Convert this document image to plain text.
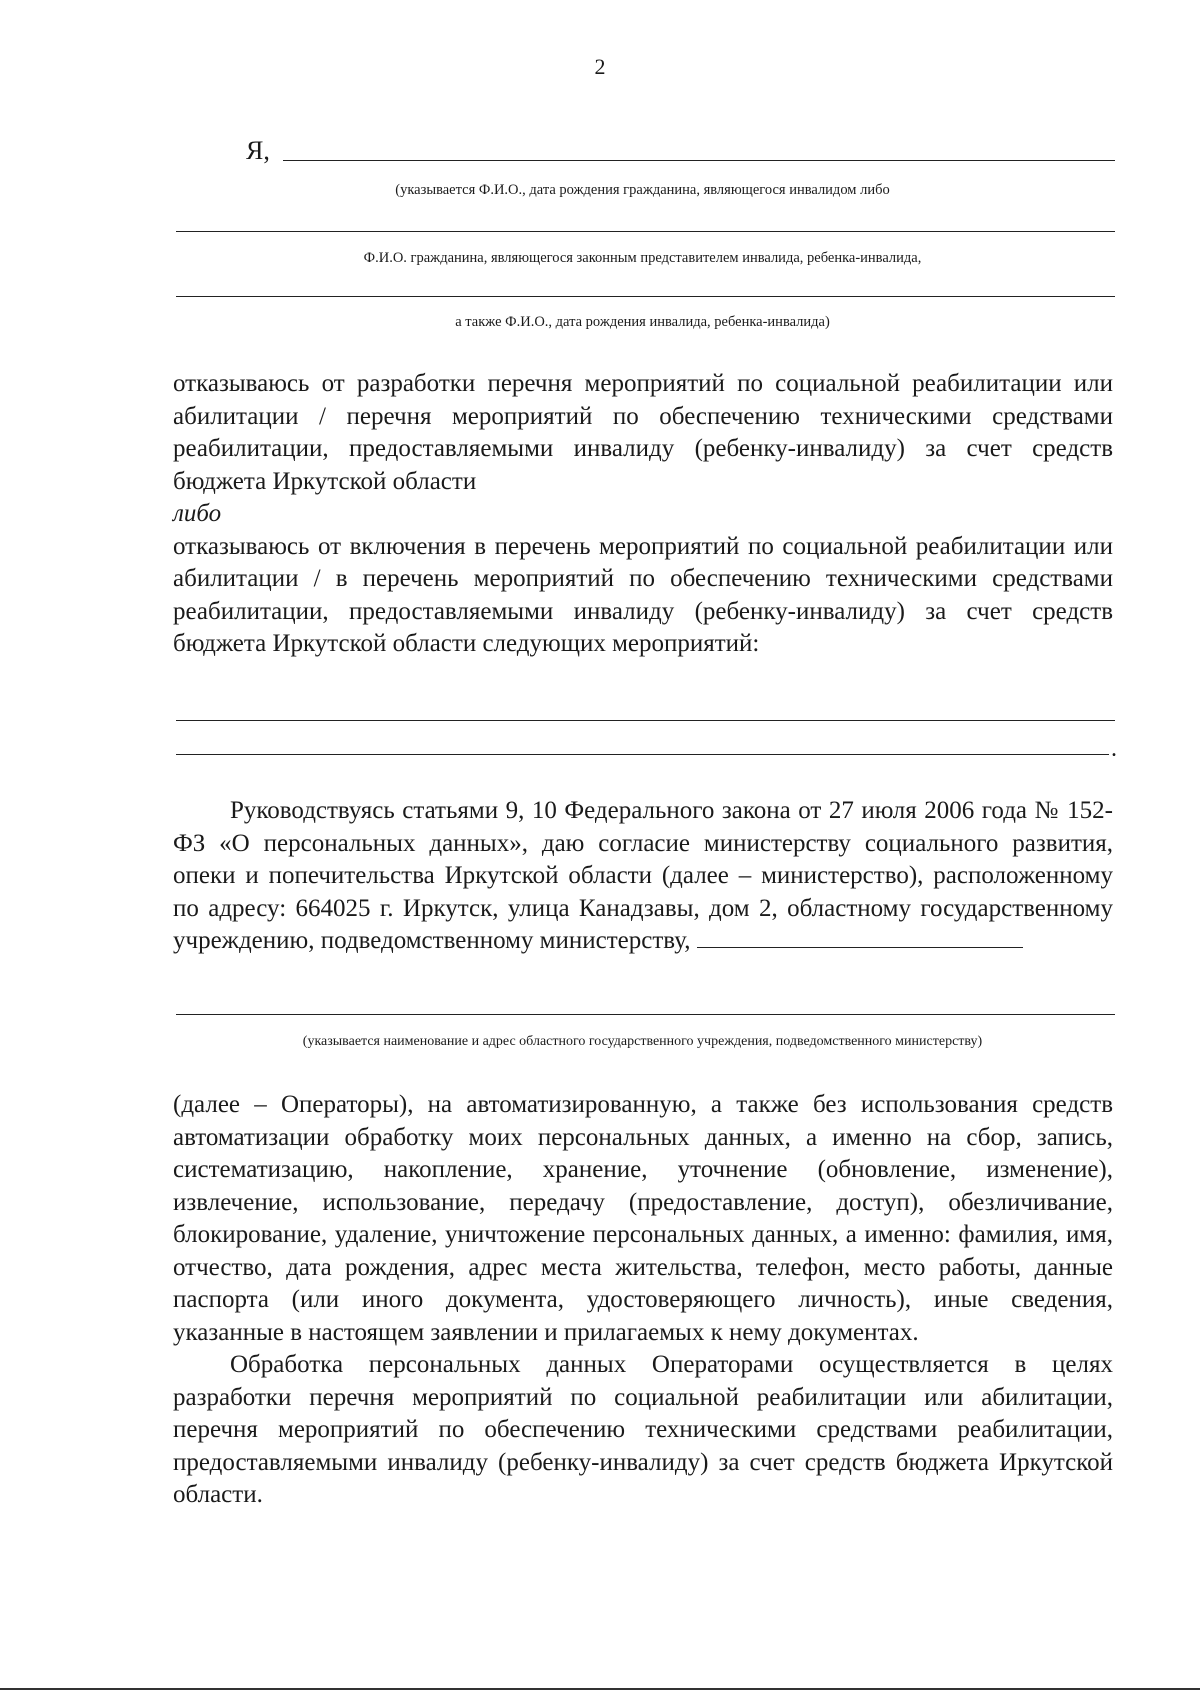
2
Я,
(указывается Ф.И.О., дата рождения гражданина, являющегося инвалидом либо
Ф.И.О. гражданина, являющегося законным представителем инвалида, ребенка-инвалида,
а также Ф.И.О., дата рождения инвалида, ребенка-инвалида)

отказываюсь от разработки перечня мероприятий по социальной реабилитации или абилитации / перечня мероприятий по обеспечению техническими средствами реабилитации, предоставляемыми инвалиду (ребенку-инвалиду) за счет средств бюджета Иркутской области

либо

отказываюсь от включения в перечень мероприятий по социальной реабилитации или абилитации / в перечень мероприятий по обеспечению техническими средствами реабилитации, предоставляемыми инвалиду (ребенку-инвалиду) за счет средств бюджета Иркутской области следующих мероприятий:

.

Руководствуясь статьями 9, 10 Федерального закона от 27 июля 2006 года № 152-ФЗ «О персональных данных», даю согласие министерству социального развития, опеки и попечительства Иркутской области (далее – министерство), расположенному по адресу: 664025 г. Иркутск, улица Канадзавы, дом 2, областному государственному учреждению, подведомственному министерству,

(указывается наименование и адрес областного государственного учреждения, подведомственного министерству)

(далее – Операторы), на автоматизированную, а также без использования средств автоматизации обработку моих персональных данных, а именно на сбор, запись, систематизацию, накопление, хранение, уточнение (обновление, изменение), извлечение, использование, передачу (предоставление, доступ), обезличивание, блокирование, удаление, уничтожение персональных данных, а именно: фамилия, имя, отчество, дата рождения, адрес места жительства, телефон, место работы, данные паспорта (или иного документа, удостоверяющего личность), иные сведения, указанные в настоящем заявлении и прилагаемых к нему документах.

Обработка персональных данных Операторами осуществляется в целях разработки перечня мероприятий по социальной реабилитации или абилитации, перечня мероприятий по обеспечению техническими средствами реабилитации, предоставляемыми инвалиду (ребенку-инвалиду) за счет средств бюджета Иркутской области.
